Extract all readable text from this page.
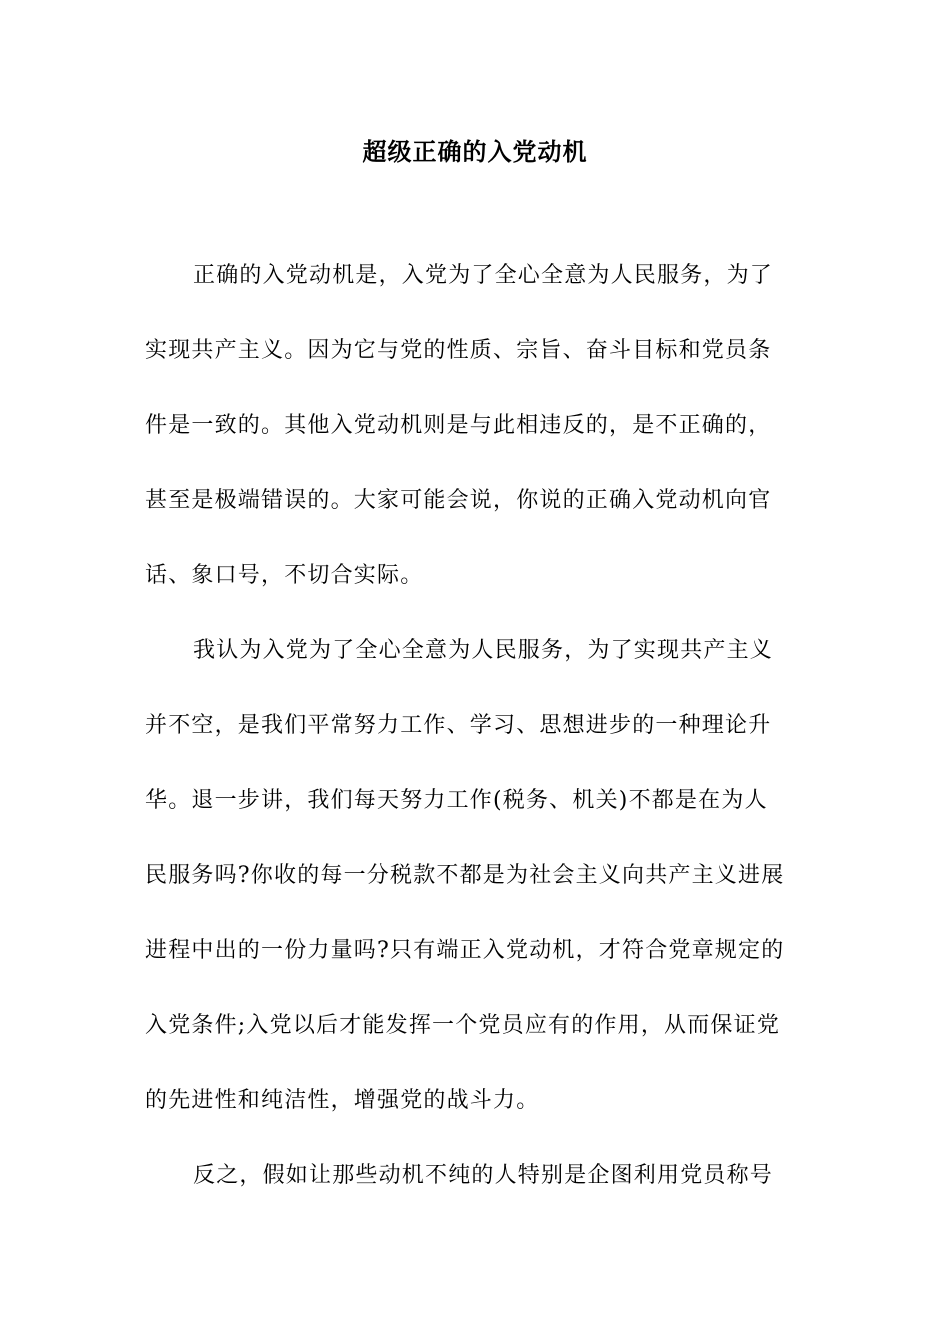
超级正确的入党动机
正确的入党动机是，入党为了全心全意为人民服务，为了
实现共产主义。因为它与党的性质、宗旨、奋斗目标和党员条
件是一致的。其他入党动机则是与此相违反的，是不正确的，
甚至是极端错误的。大家可能会说，你说的正确入党动机向官
话、象口号，不切合实际。
我认为入党为了全心全意为人民服务，为了实现共产主义
并不空，是我们平常努力工作、学习、思想进步的一种理论升
华。退一步讲，我们每天努力工作(税务、机关)不都是在为人
民服务吗?你收的每一分税款不都是为社会主义向共产主义进展
进程中出的一份力量吗?只有端正入党动机，才符合党章规定的
入党条件;入党以后才能发挥一个党员应有的作用，从而保证党
的先进性和纯洁性，增强党的战斗力。
反之，假如让那些动机不纯的人特别是企图利用党员称号
